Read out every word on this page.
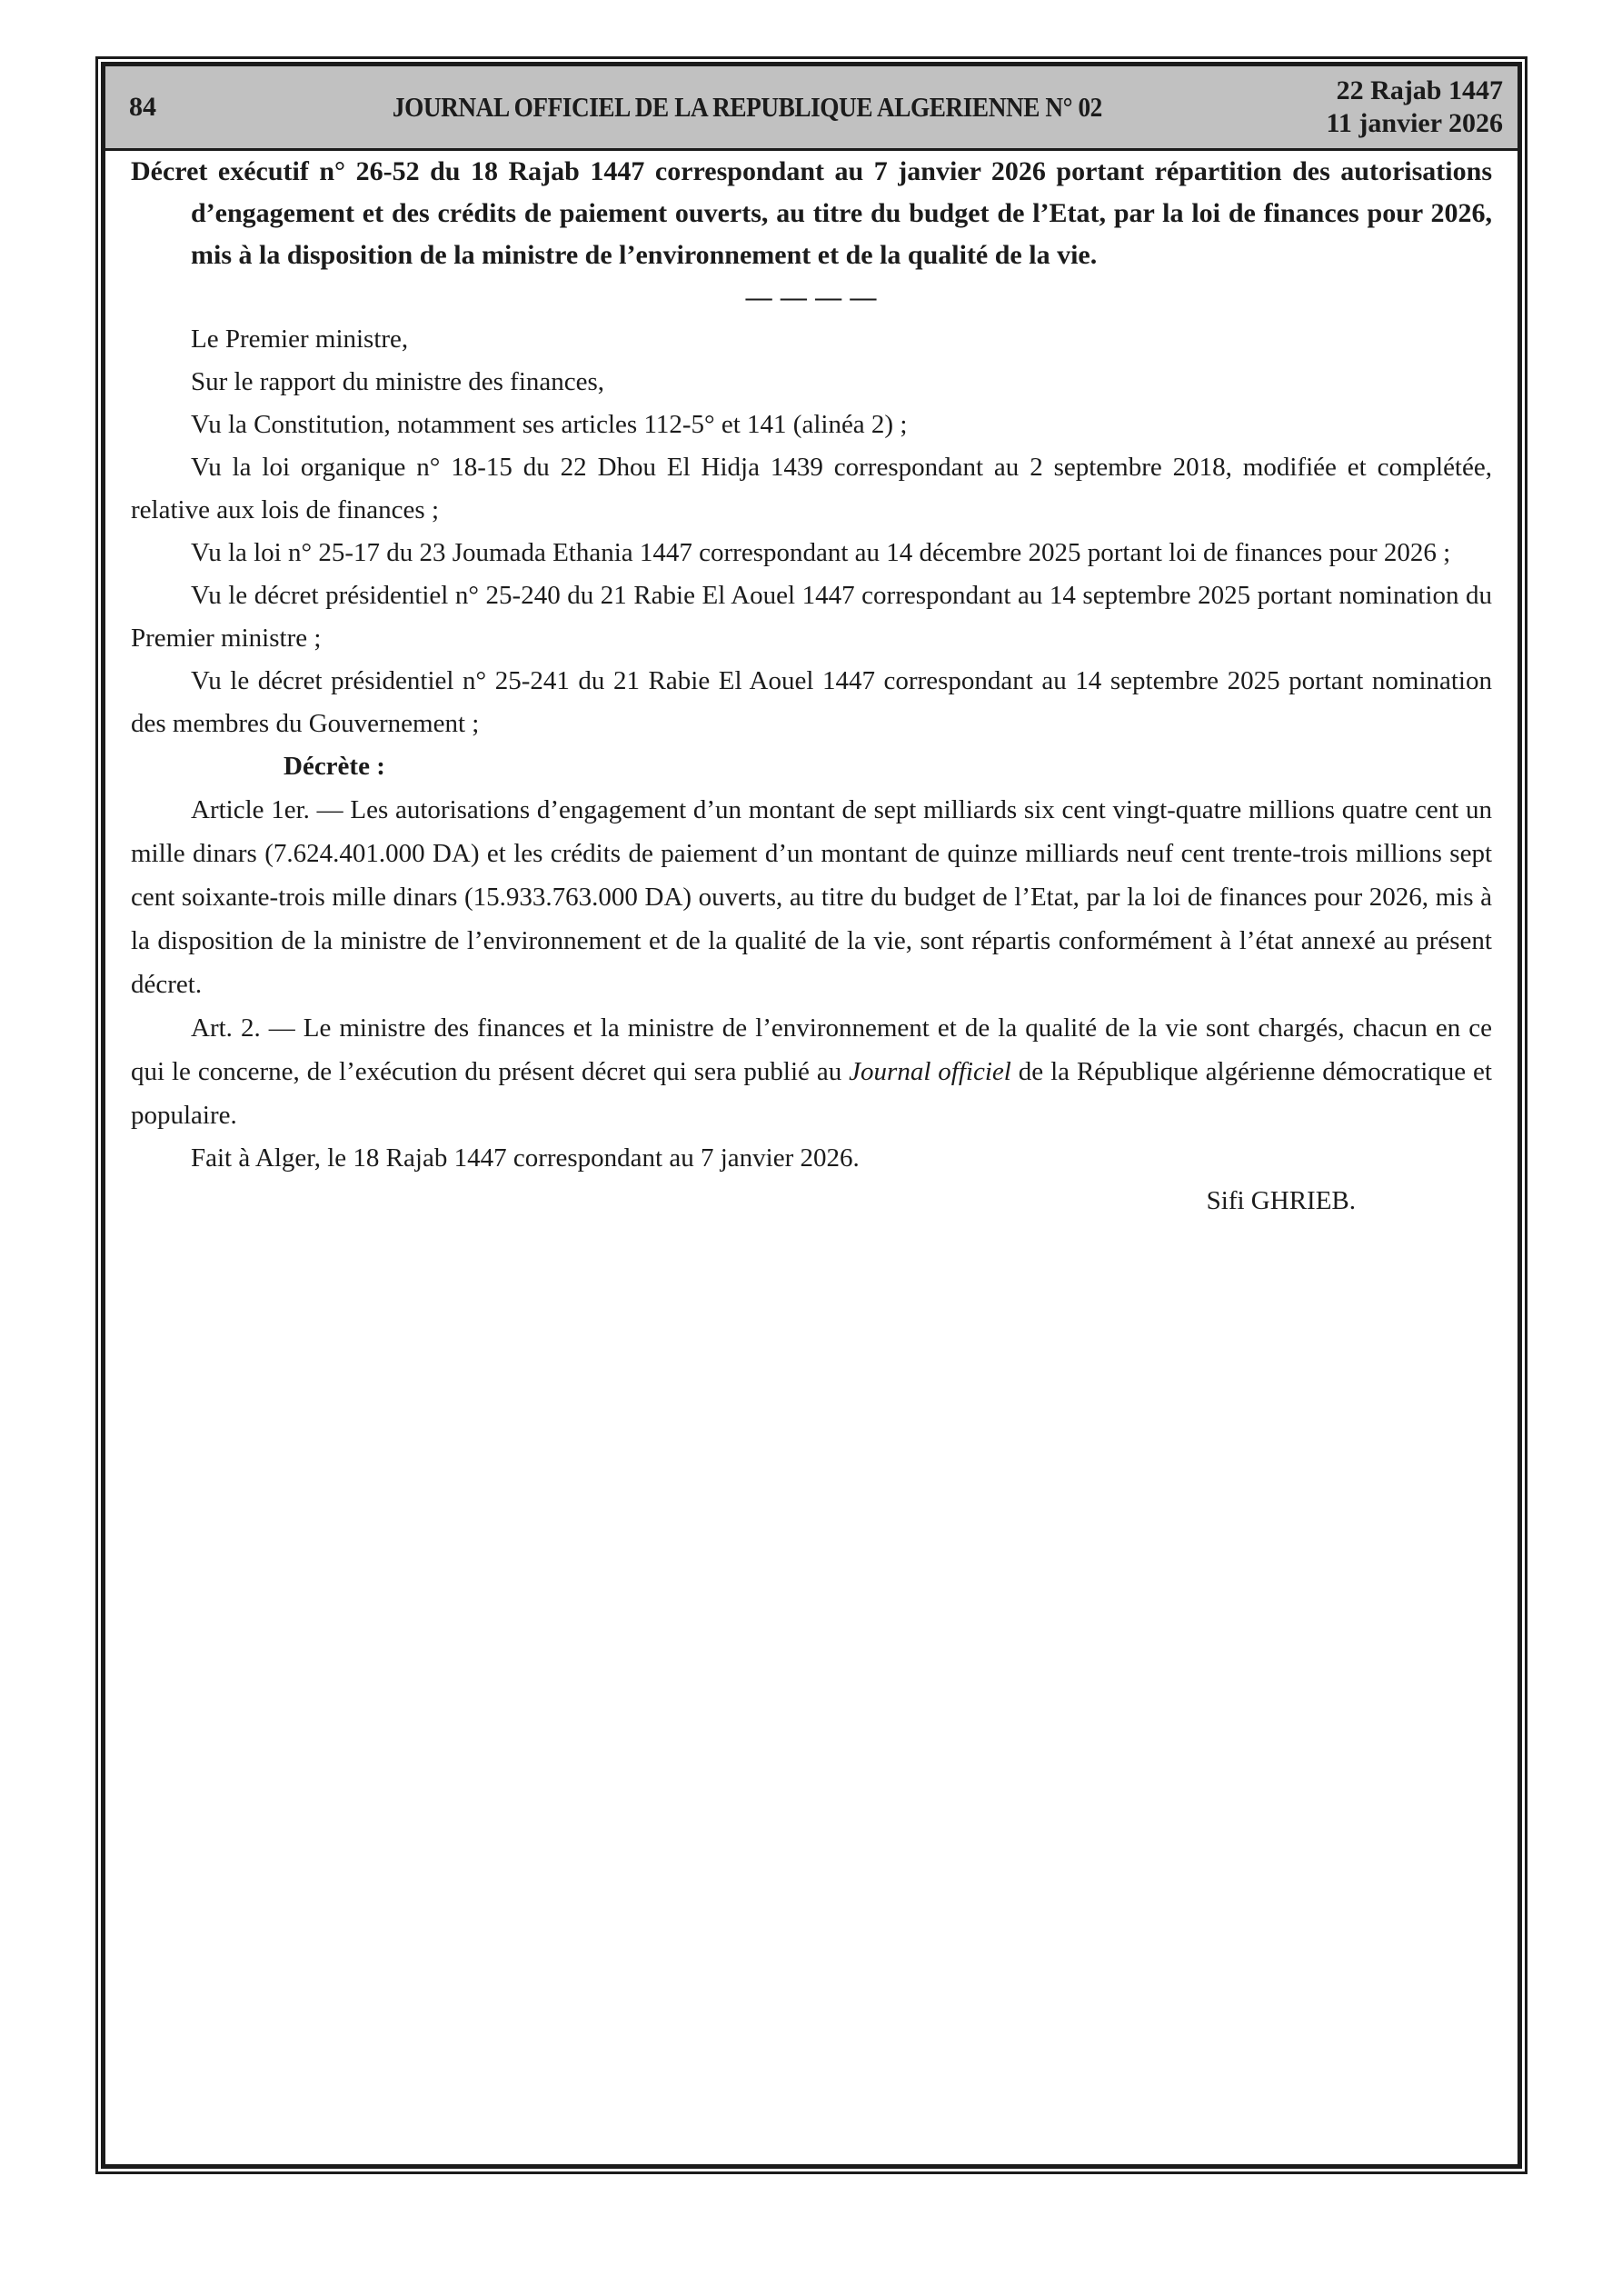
84	JOURNAL OFFICIEL DE LA REPUBLIQUE ALGERIENNE N° 02
22 Rajab 1447
11 janvier 2026

Décret exécutif n° 26-52 du 18 Rajab 1447 correspondant au 7 janvier 2026 portant répartition des autorisations d’engagement et des crédits de paiement ouverts, au titre du budget de l’Etat, par la loi de finances pour 2026, mis à la disposition de la ministre de l’environnement et de la qualité de la vie.

— — — —

Le Premier ministre,

Sur le rapport du ministre des finances,

Vu la Constitution, notamment ses articles 112-5° et 141 (alinéa 2) ;

Vu la loi organique n° 18-15 du 22 Dhou El Hidja 1439 correspondant au 2 septembre 2018, modifiée et complétée, relative aux lois de finances ;

Vu la loi n° 25-17 du 23 Joumada Ethania 1447 correspondant au 14 décembre 2025 portant loi de finances pour 2026 ;

Vu le décret présidentiel n° 25-240 du 21 Rabie El Aouel 1447 correspondant au 14 septembre 2025 portant nomination du Premier ministre ;

Vu le décret présidentiel n° 25-241 du 21 Rabie El Aouel 1447 correspondant au 14 septembre 2025 portant nomination des membres du Gouvernement ;

Décrète :

Article 1er. — Les autorisations d’engagement d’un montant de sept milliards six cent vingt-quatre millions quatre cent un mille dinars (7.624.401.000 DA) et les crédits de paiement d’un montant de quinze milliards neuf cent trente-trois millions sept cent soixante-trois mille dinars (15.933.763.000 DA) ouverts, au titre du budget de l’Etat, par la loi de finances pour 2026, mis à la disposition de la ministre de l’environnement et de la qualité de la vie, sont répartis conformément à l’état annexé au présent décret.

Art. 2. — Le ministre des finances et la ministre de l’environnement et de la qualité de la vie sont chargés, chacun en ce qui le concerne, de l’exécution du présent décret qui sera publié au Journal officiel de la République algérienne démocratique et populaire.

Fait à Alger, le 18 Rajab 1447 correspondant au 7 janvier 2026.

Sifi GHRIEB.
